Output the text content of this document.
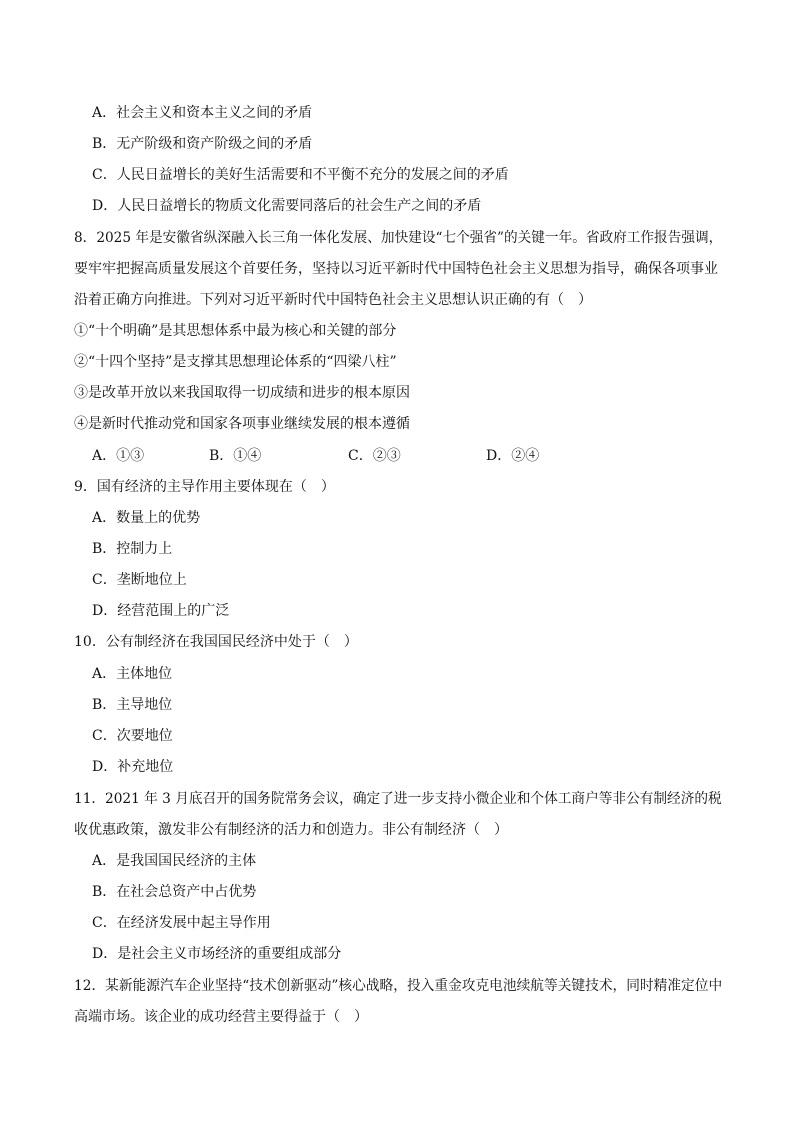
A．社会主义和资本主义之间的矛盾
B．无产阶级和资产阶级之间的矛盾
C．人民日益增长的美好生活需要和不平衡不充分的发展之间的矛盾
D．人民日益增长的物质文化需要同落后的社会生产之间的矛盾
8．2025 年是安徽省纵深融入长三角一体化发展、加快建设“七个强省”的关键一年。省政府工作报告强调，
要牢牢把握高质量发展这个首要任务，坚持以习近平新时代中国特色社会主义思想为指导，确保各项事业
沿着正确方向推进。下列对习近平新时代中国特色社会主义思想认识正确的有（　）
①“十个明确”是其思想体系中最为核心和关键的部分
②“十四个坚持”是支撑其思想理论体系的“四梁八柱”
③是改革开放以来我国取得一切成绩和进步的根本原因
④是新时代推动党和国家各项事业继续发展的根本遵循
A．①③	B．①④	C．②③	D．②④
9．国有经济的主导作用主要体现在（　）
A．数量上的优势
B．控制力上
C．垄断地位上
D．经营范围上的广泛
10．公有制经济在我国国民经济中处于（　）
A．主体地位
B．主导地位
C．次要地位
D．补充地位
11．2021 年 3 月底召开的国务院常务会议，确定了进一步支持小微企业和个体工商户等非公有制经济的税
收优惠政策，激发非公有制经济的活力和创造力。非公有制经济（　）
A．是我国国民经济的主体
B．在社会总资产中占优势
C．在经济发展中起主导作用
D．是社会主义市场经济的重要组成部分
12．某新能源汽车企业坚持“技术创新驱动”核心战略，投入重金攻克电池续航等关键技术，同时精准定位中
高端市场。该企业的成功经营主要得益于（　）
